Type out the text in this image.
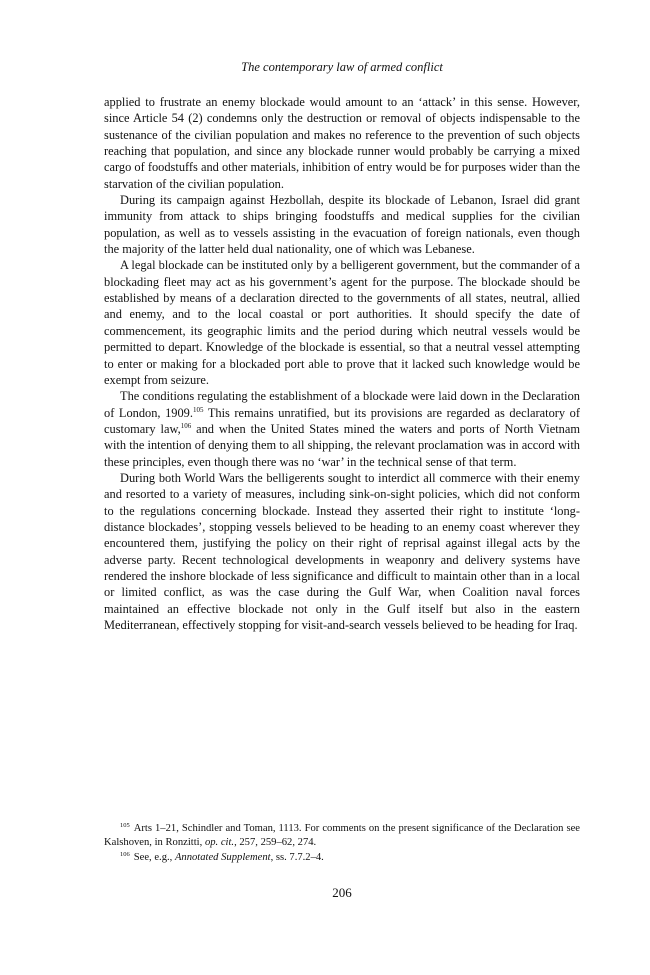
The contemporary law of armed conflict

applied to frustrate an enemy blockade would amount to an ‘attack’ in this sense. However, since Article 54 (2) condemns only the destruction or removal of objects indispensable to the sustenance of the civilian population and makes no reference to the prevention of such objects reaching that population, and since any blockade runner would probably be carrying a mixed cargo of foodstuffs and other materials, inhibition of entry would be for purposes wider than the starvation of the civilian population.

During its campaign against Hezbollah, despite its blockade of Lebanon, Israel did grant immunity from attack to ships bringing foodstuffs and medical supplies for the civilian population, as well as to vessels assisting in the evacuation of foreign nationals, even though the majority of the latter held dual nationality, one of which was Lebanese.

A legal blockade can be instituted only by a belligerent government, but the commander of a blockading fleet may act as his government’s agent for the purpose. The blockade should be established by means of a declaration directed to the governments of all states, neutral, allied and enemy, and to the local coastal or port authorities. It should specify the date of commencement, its geographic limits and the period during which neutral vessels would be permitted to depart. Knowledge of the blockade is essential, so that a neutral vessel attempting to enter or making for a blockaded port able to prove that it lacked such knowledge would be exempt from seizure.

The conditions regulating the establishment of a blockade were laid down in the Declaration of London, 1909.$^{105}$ This remains unratified, but its provisions are regarded as declaratory of customary law,$^{106}$ and when the United States mined the waters and ports of North Vietnam with the intention of denying them to all shipping, the relevant proclamation was in accord with these principles, even though there was no ‘war’ in the technical sense of that term.

During both World Wars the belligerents sought to interdict all commerce with their enemy and resorted to a variety of measures, including sink-on-sight policies, which did not conform to the regulations concerning blockade. Instead they asserted their right to institute ‘long-distance blockades’, stopping vessels believed to be heading to an enemy coast wherever they encountered them, justifying the policy on their right of reprisal against illegal acts by the adverse party. Recent technological developments in weaponry and delivery systems have rendered the inshore blockade of less significance and difficult to maintain other than in a local or limited conflict, as was the case during the Gulf War, when Coalition naval forces maintained an effective blockade not only in the Gulf itself but also in the eastern Mediterranean, effectively stopping for visit-and-search vessels believed to be heading for Iraq.

$^{105}$ Arts 1–21, Schindler and Toman, 1113. For comments on the present significance of the Declaration see Kalshoven, in Ronzitti, op. cit., 257, 259–62, 274.

$^{106}$ See, e.g., Annotated Supplement, ss. 7.7.2–4.

206
